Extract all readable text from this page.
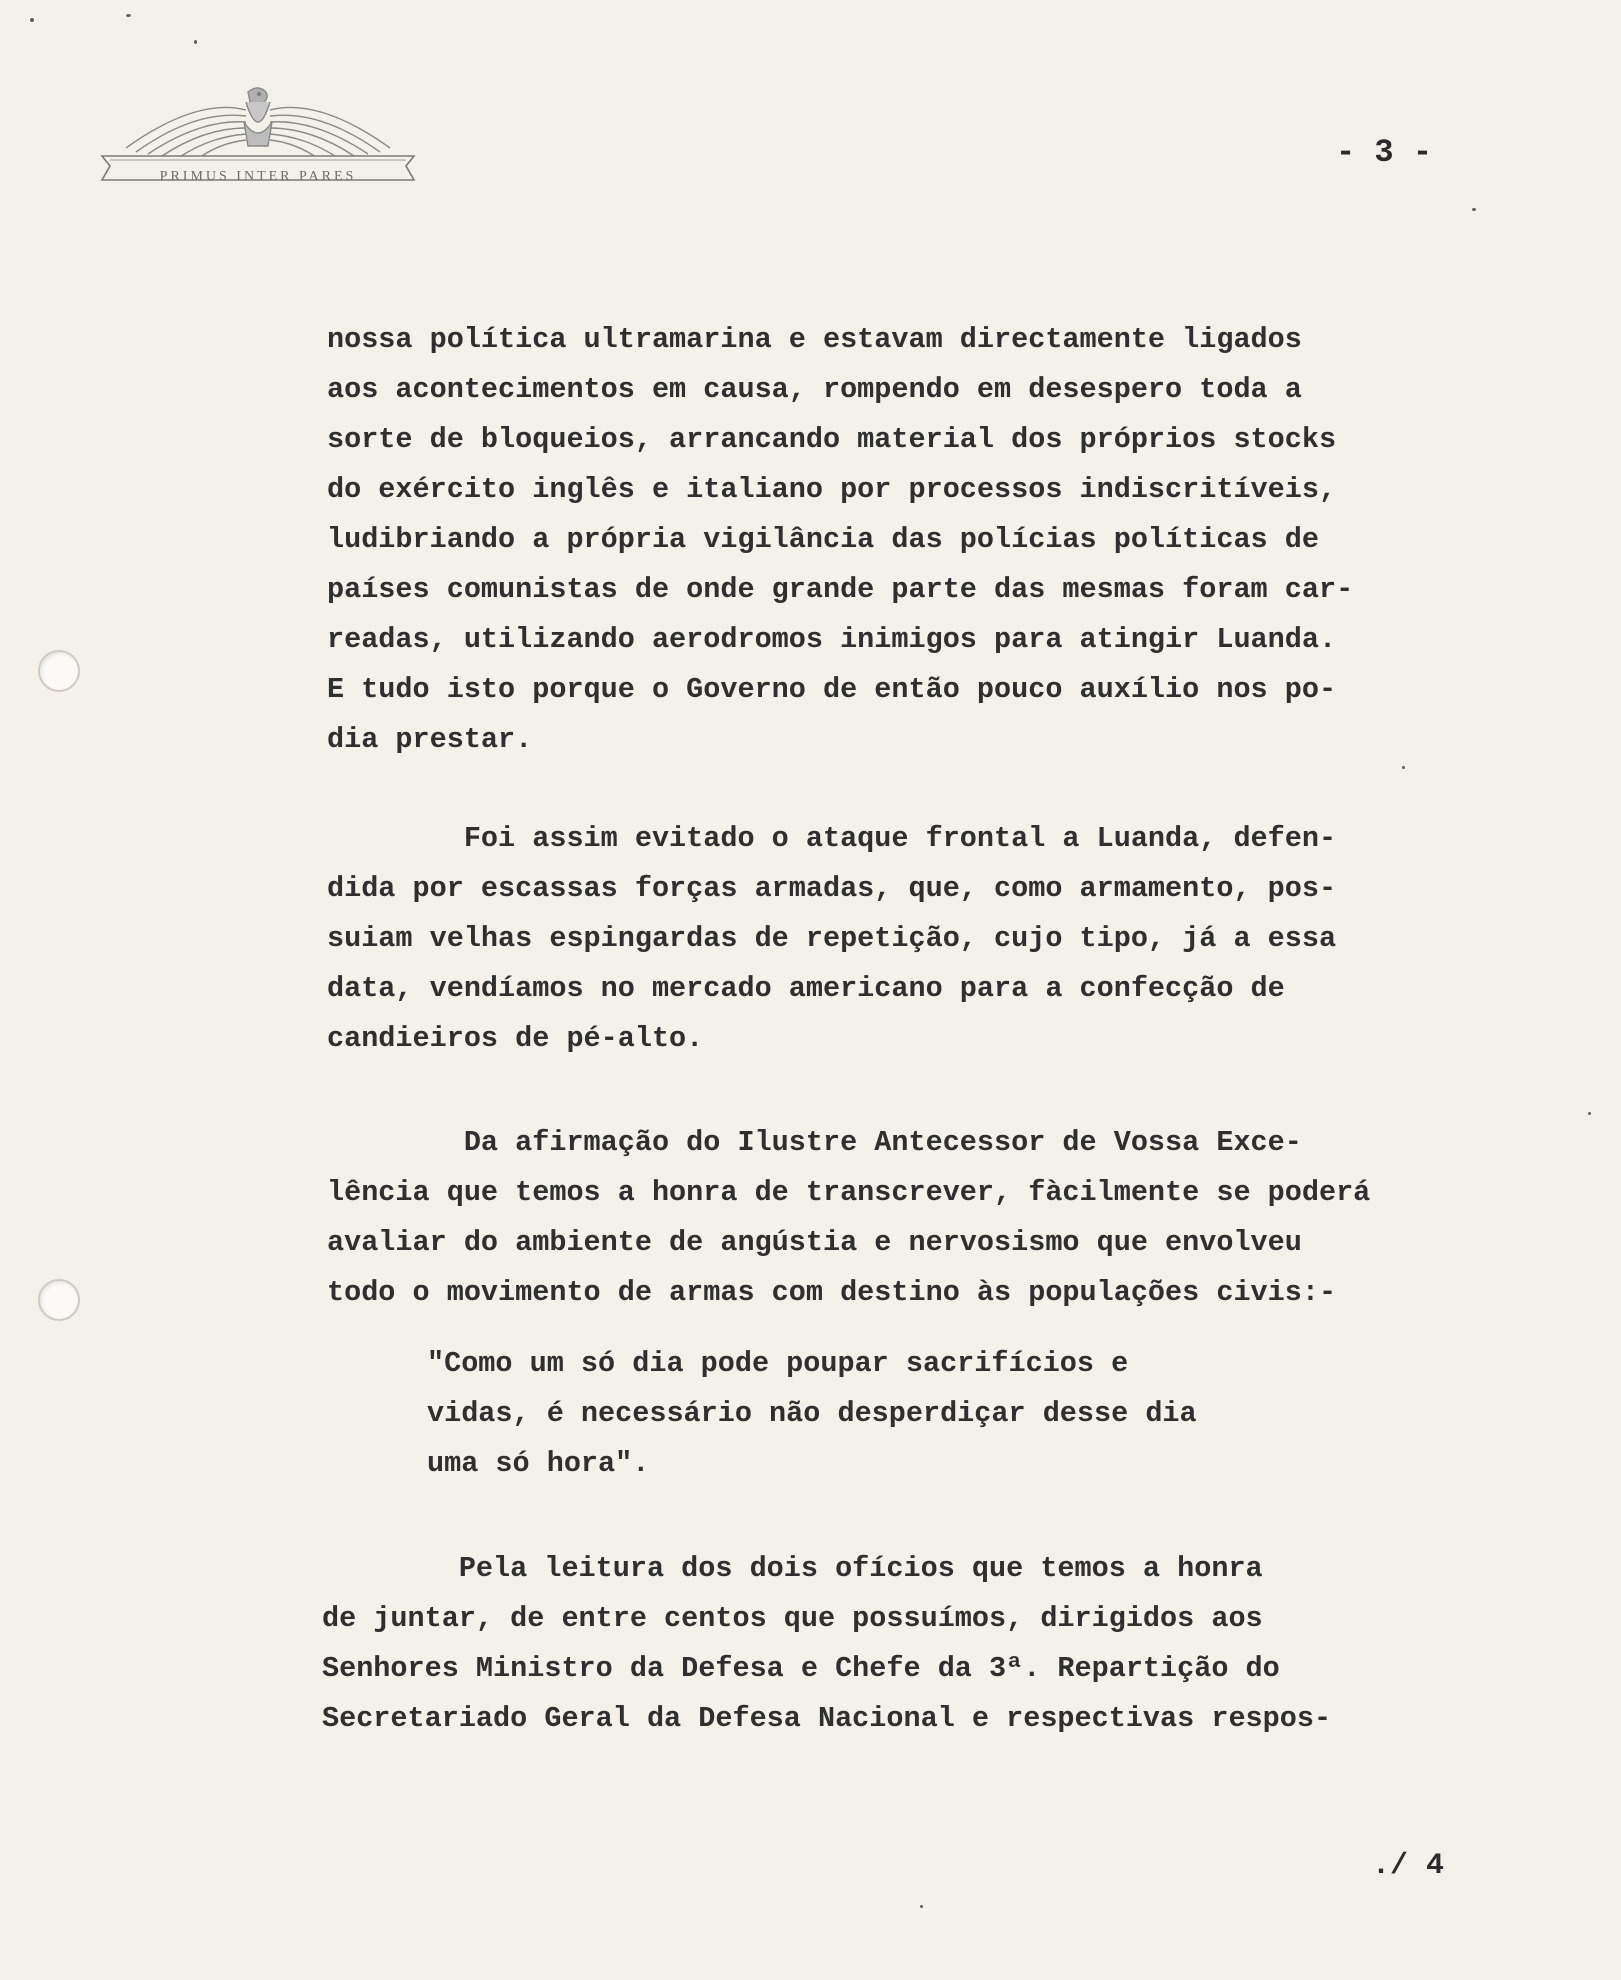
PRIMUS INTER PARES
- 3 -
nossa política ultramarina e estavam directamente ligados
aos acontecimentos em causa, rompendo em desespero toda a
sorte de bloqueios, arrancando material dos próprios stocks
do exército inglês e italiano por processos indiscritíveis,
ludibriando a própria vigilância das polícias políticas de
países comunistas de onde grande parte das mesmas foram car-
readas, utilizando aerodromos inimigos para atingir Luanda.
E tudo isto porque o Governo de então pouco auxílio nos po-
dia prestar.
Foi assim evitado o ataque frontal a Luanda, defen-
dida por escassas forças armadas, que, como armamento, pos-
suiam velhas espingardas de repetição, cujo tipo, já a essa
data, vendíamos no mercado americano para a confecção de
candieiros de pé-alto.
Da afirmação do Ilustre Antecessor de Vossa Exce-
lência que temos a honra de transcrever, fàcilmente se poderá
avaliar do ambiente de angústia e nervosismo que envolveu
todo o movimento de armas com destino às populações civis:-
"Como um só dia pode poupar sacrifícios e
vidas, é necessário não desperdiçar desse dia
uma só hora".
Pela leitura dos dois ofícios que temos a honra
de juntar, de entre centos que possuímos, dirigidos aos
Senhores Ministro da Defesa e Chefe da 3ª. Repartição do
Secretariado Geral da Defesa Nacional e respectivas respos-
./ 4
